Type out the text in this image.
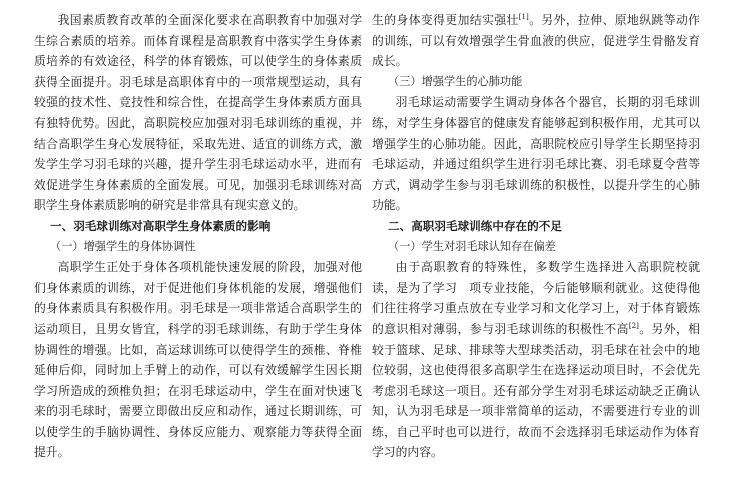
我国素质教育改革的全面深化要求在高职教育中加强对学生综合素质的培养。而体育课程是高职教育中落实学生身体素质培养的有效途径，科学的体育锻炼，可以使学生的身体素质获得全面提升。羽毛球是高职体育中的一项常规型运动，具有较强的技术性、竞技性和综合性，在提高学生身体素质方面具有独特优势。因此，高职院校应加强对羽毛球训练的重视，并结合高职学生身心发展特征，采取先进、适宜的训练方式，激发学生学习羽毛球的兴趣，提升学生羽毛球运动水平，进而有效促进学生身体素质的全面发展。可见，加强羽毛球训练对高职学生身体素质影响的研究是非常具有现实意义的。

一、羽毛球训练对高职学生身体素质的影响
（一）增强学生的身体协调性

高职学生正处于身体各项机能快速发展的阶段，加强对他们身体素质的训练，对于促进他们身体机能的发展，增强他们的身体素质具有积极作用。羽毛球是一项非常适合高职学生的运动项目，且男女皆宜，科学的羽毛球训练，有助于学生身体协调性的增强。比如，高运球训练可以使得学生的颈椎、脊椎延伸后仰，同时加上手臂上的动作，可以有效缓解学生因长期学习所造成的颈椎负担；在羽毛球运动中，学生在面对快速飞来的羽毛球时，需要立即做出反应和动作，通过长期训练，可以使学生的手脑协调性、身体反应能力、观察能力等获得全面提升。

生的身体变得更加结实强壮[1]。另外，拉伸、原地纵跳等动作的训练，可以有效增强学生骨血液的供应，促进学生骨骼发育成长。

（三）增强学生的心肺功能

羽毛球运动需要学生调动身体各个器官，长期的羽毛球训练，对学生身体器官的健康发育能够起到积极作用，尤其可以增强学生的心肺功能。因此，高职院校应引导学生长期坚持羽毛球运动，并通过组织学生进行羽毛球比赛、羽毛球夏令营等方式，调动学生参与羽毛球训练的积极性，以提升学生的心肺功能。

二、高职羽毛球训练中存在的不足
（一）学生对羽毛球认知存在偏差

由于高职教育的特殊性，多数学生选择进入高职院校就读，是为了学习　项专业技能，今后能够顺利就业。这使得他们往往将学习重点放在专业学习和文化学习上，对于体育锻炼的意识相对薄弱，参与羽毛球训练的积极性不高[2]。另外，相较于篮球、足球、排球等大型球类活动，羽毛球在社会中的地位较弱，这也使得很多高职学生在选择运动项目时，不会优先考虑羽毛球这一项目。还有部分学生对羽毛球运动缺乏正确认知，认为羽毛球是一项非常简单的运动，不需要进行专业的训练，自己平时也可以进行，故而不会选择羽毛球运动作为体育学习的内容。
